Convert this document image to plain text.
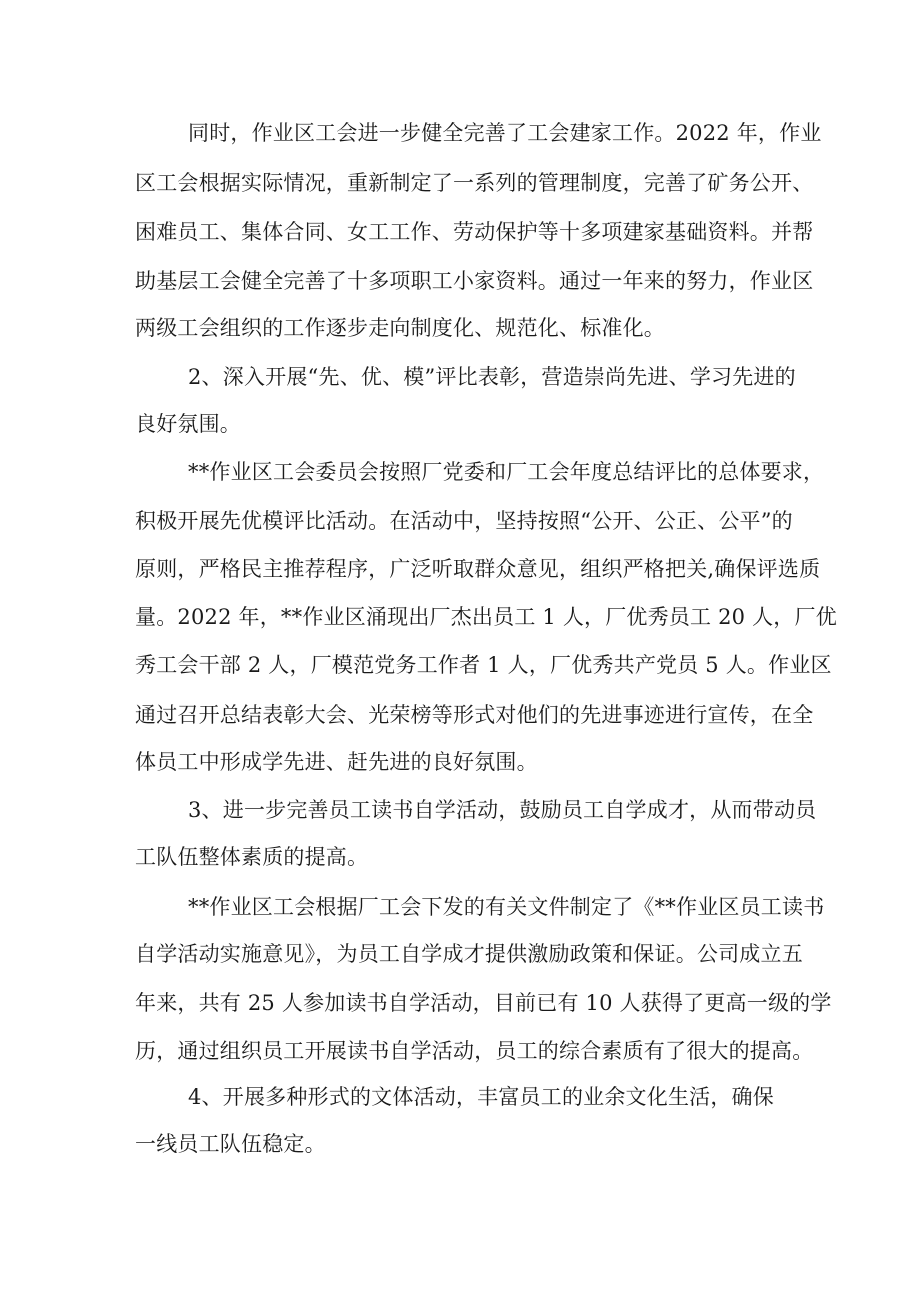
同时，作业区工会进一步健全完善了工会建家工作。2022 年，作业
区工会根据实际情况，重新制定了一系列的管理制度，完善了矿务公开、
困难员工、集体合同、女工工作、劳动保护等十多项建家基础资料。并帮
助基层工会健全完善了十多项职工小家资料。通过一年来的努力，作业区
两级工会组织的工作逐步走向制度化、规范化、标准化。
2、深入开展“先、优、模”评比表彰，营造崇尚先进、学习先进的
良好氛围。
**作业区工会委员会按照厂党委和厂工会年度总结评比的总体要求，
积极开展先优模评比活动。在活动中，坚持按照“公开、公正、公平”的
原则，严格民主推荐程序，广泛听取群众意见，组织严格把关,确保评选质
量。2022 年，**作业区涌现出厂杰出员工 1 人，厂优秀员工 20 人，厂优
秀工会干部 2 人，厂模范党务工作者 1 人，厂优秀共产党员 5 人。作业区
通过召开总结表彰大会、光荣榜等形式对他们的先进事迹进行宣传，在全
体员工中形成学先进、赶先进的良好氛围。
3、进一步完善员工读书自学活动，鼓励员工自学成才，从而带动员
工队伍整体素质的提高。
**作业区工会根据厂工会下发的有关文件制定了《**作业区员工读书
自学活动实施意见》，为员工自学成才提供激励政策和保证。公司成立五
年来，共有 25 人参加读书自学活动，目前已有 10 人获得了更高一级的学
历，通过组织员工开展读书自学活动，员工的综合素质有了很大的提高。
4、开展多种形式的文体活动，丰富员工的业余文化生活，确保
一线员工队伍稳定。
